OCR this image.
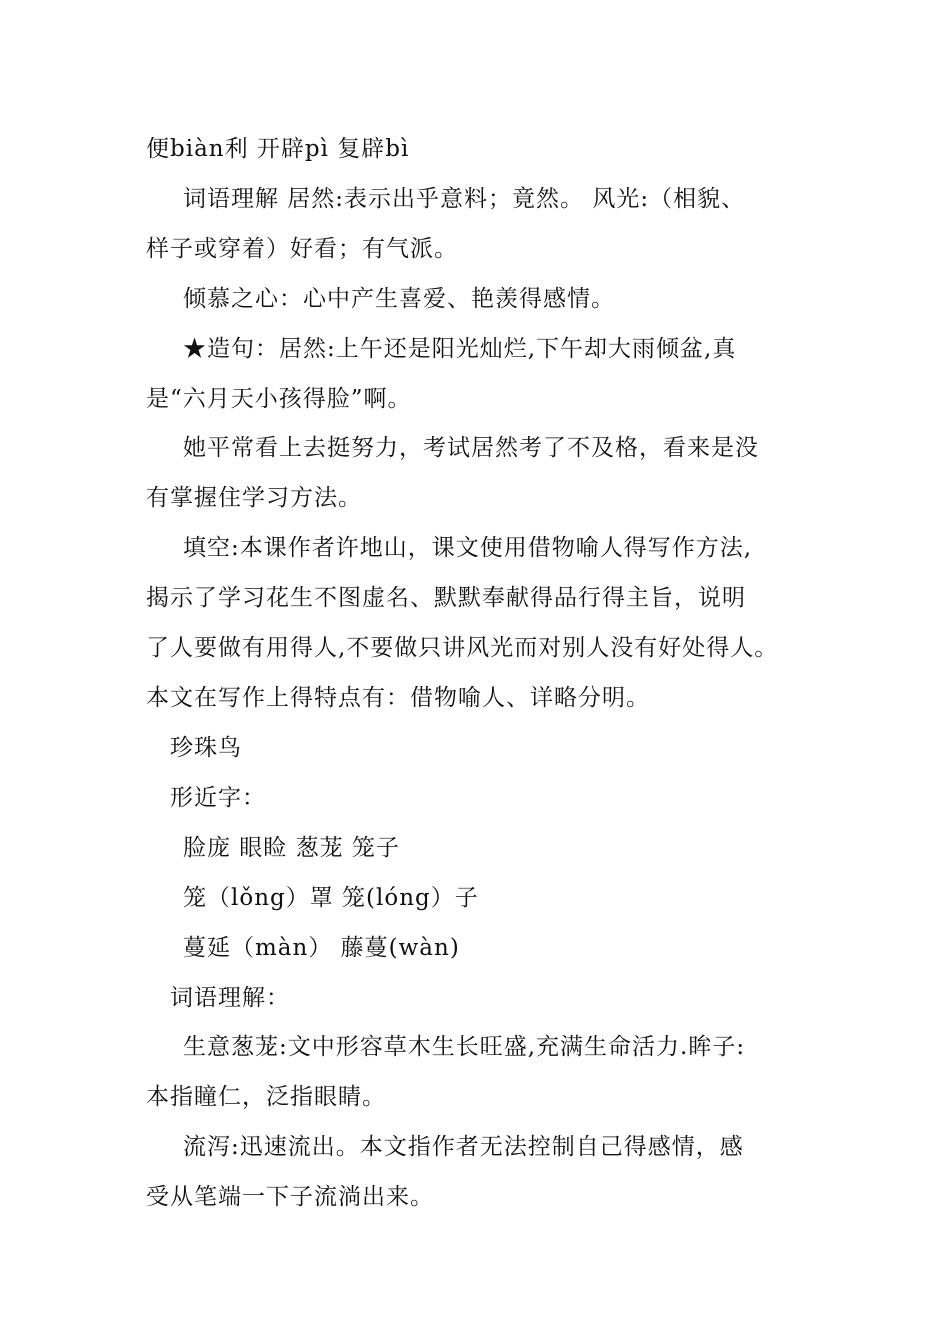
便biàn利 开辟pì 复辟bì
词语理解 居然:表示出乎意料；竟然。 风光:（相貌、
样子或穿着）好看；有气派。
倾慕之心：心中产生喜爱、艳羡得感情。
★造句：居然:上午还是阳光灿烂,下午却大雨倾盆,真
是“六月天小孩得脸”啊。
她平常看上去挺努力，考试居然考了不及格，看来是没
有掌握住学习方法。
填空:本课作者许地山，课文使用借物喻人得写作方法,
揭示了学习花生不图虚名、默默奉献得品行得主旨，说明
了人要做有用得人,不要做只讲风光而对别人没有好处得人。
本文在写作上得特点有：借物喻人、详略分明。
珍珠鸟
形近字：
脸庞 眼睑 葱茏 笼子
笼（lǒng）罩 笼(lóng）子
蔓延（màn） 藤蔓(wàn)
词语理解：
生意葱茏:文中形容草木生长旺盛,充满生命活力.眸子:
本指瞳仁，泛指眼睛。
流泻:迅速流出。本文指作者无法控制自己得感情，感
受从笔端一下子流淌出来。
